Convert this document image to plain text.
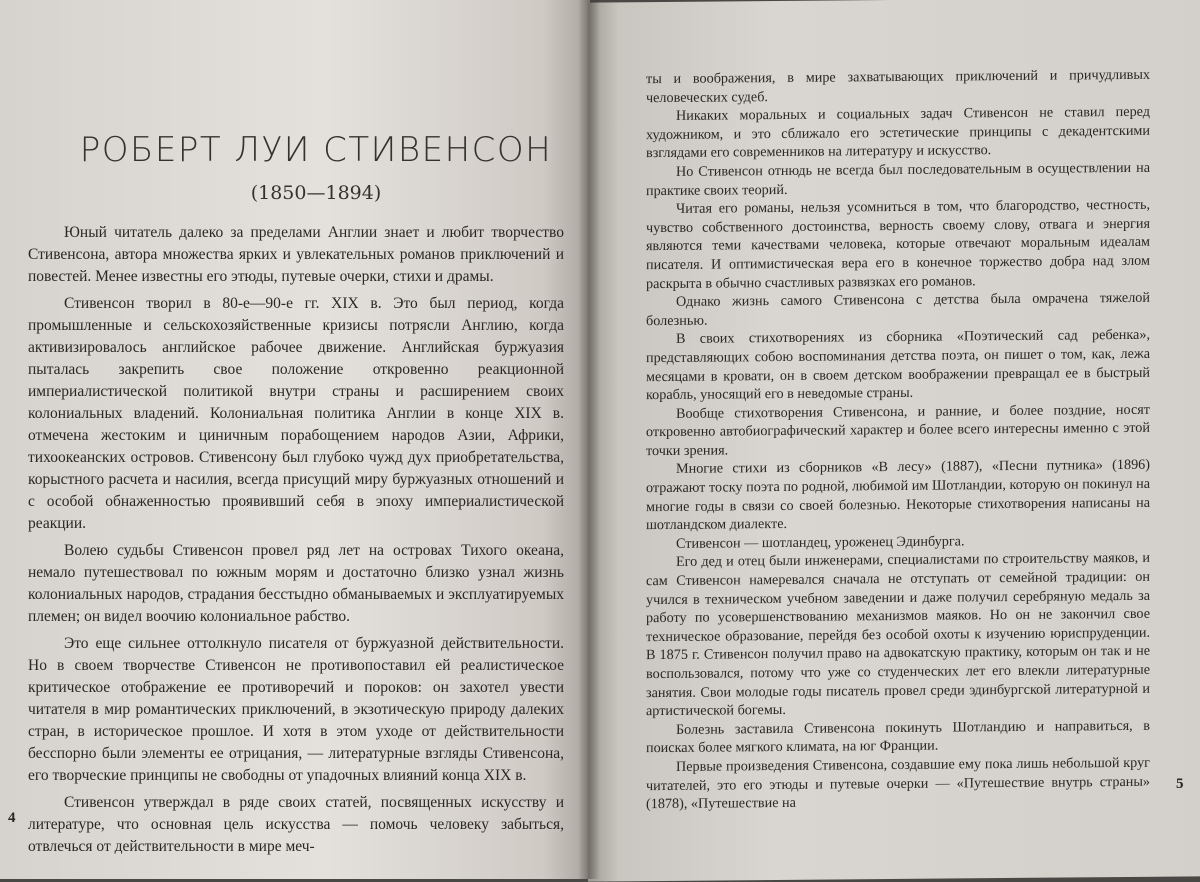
РОБЕРТ ЛУИ СТИВЕНСОН
(1850—1894)

Юный читатель далеко за пределами Англии знает и любит творчество Стивенсона, автора множества ярких и увлекательных романов приключений и повестей. Менее известны его этюды, путевые очерки, стихи и драмы.

Стивенсон творил в 80-е—90-е гг. XIX в. Это был период, когда промышленные и сельскохозяйственные кризисы потрясли Англию, когда активизировалось английское рабочее движение. Английская буржуазия пыталась закрепить свое положение откровенно реакционной империалистической политикой внутри страны и расширением своих колониальных владений. Колониальная политика Англии в конце XIX в. отмечена жестоким и циничным порабощением народов Азии, Африки, тихоокеанских островов. Стивенсону был глубоко чужд дух приобретательства, корыстного расчета и насилия, всегда присущий миру буржуазных отношений и с особой обнаженностью проявивший себя в эпоху империалистической реакции.

Волею судьбы Стивенсон провел ряд лет на островах Тихого океана, немало путешествовал по южным морям и достаточно близко узнал жизнь колониальных народов, страдания бесстыдно обманываемых и эксплуатируемых племен; он видел воочию колониальное рабство.

Это еще сильнее оттолкнуло писателя от буржуазной действительности. Но в своем творчестве Стивенсон не противопоставил ей реалистическое критическое отображение ее противоречий и пороков: он захотел увести читателя в мир романтических приключений, в экзотическую природу далеких стран, в историческое прошлое. И хотя в этом уходе от действительности бесспорно были элементы ее отрицания, — литературные взгляды Стивенсона, его творческие принципы не свободны от упадочных влияний конца XIX в.

Стивенсон утверждал в ряде своих статей, посвященных искусству и литературе, что основная цель искусства — помочь человеку забыться, отвлечься от действительности в мире меч-

ты и воображения, в мире захватывающих приключений и причудливых человеческих судеб.

Никаких моральных и социальных задач Стивенсон не ставил перед художником, и это сближало его эстетические принципы с декадентскими взглядами его современников на литературу и искусство.

Но Стивенсон отнюдь не всегда был последовательным в осуществлении на практике своих теорий.

Читая его романы, нельзя усомниться в том, что благородство, честность, чувство собственного достоинства, верность своему слову, отвага и энергия являются теми качествами человека, которые отвечают моральным идеалам писателя. И оптимистическая вера его в конечное торжество добра над злом раскрыта в обычно счастливых развязках его романов.

Однако жизнь самого Стивенсона с детства была омрачена тяжелой болезнью.

В своих стихотворениях из сборника «Поэтический сад ребенка», представляющих собою воспоминания детства поэта, он пишет о том, как, лежа месяцами в кровати, он в своем детском воображении превращал ее в быстрый корабль, уносящий его в неведомые страны.

Вообще стихотворения Стивенсона, и ранние, и более поздние, носят откровенно автобиографический характер и более всего интересны именно с этой точки зрения.

Многие стихи из сборников «В лесу» (1887), «Песни путника» (1896) отражают тоску поэта по родной, любимой им Шотландии, которую он покинул на многие годы в связи со своей болезнью. Некоторые стихотворения написаны на шотландском диалекте.

Стивенсон — шотландец, уроженец Эдинбурга.

Его дед и отец были инженерами, специалистами по строительству маяков, и сам Стивенсон намеревался сначала не отступать от семейной традиции: он учился в техническом учебном заведении и даже получил серебряную медаль за работу по усовершенствованию механизмов маяков. Но он не закончил свое техническое образование, перейдя без особой охоты к изучению юриспруденции. В 1875 г. Стивенсон получил право на адвокатскую практику, которым он так и не воспользовался, потому что уже со студенческих лет его влекли литературные занятия. Свои молодые годы писатель провел среди эдинбургской литературной и артистической богемы.

Болезнь заставила Стивенсона покинуть Шотландию и направиться, в поисках более мягкого климата, на юг Франции.

Первые произведения Стивенсона, создавшие ему пока лишь небольшой круг читателей, это его этюды и путевые очерки — «Путешествие внутрь страны» (1878), «Путешествие на

4
5
